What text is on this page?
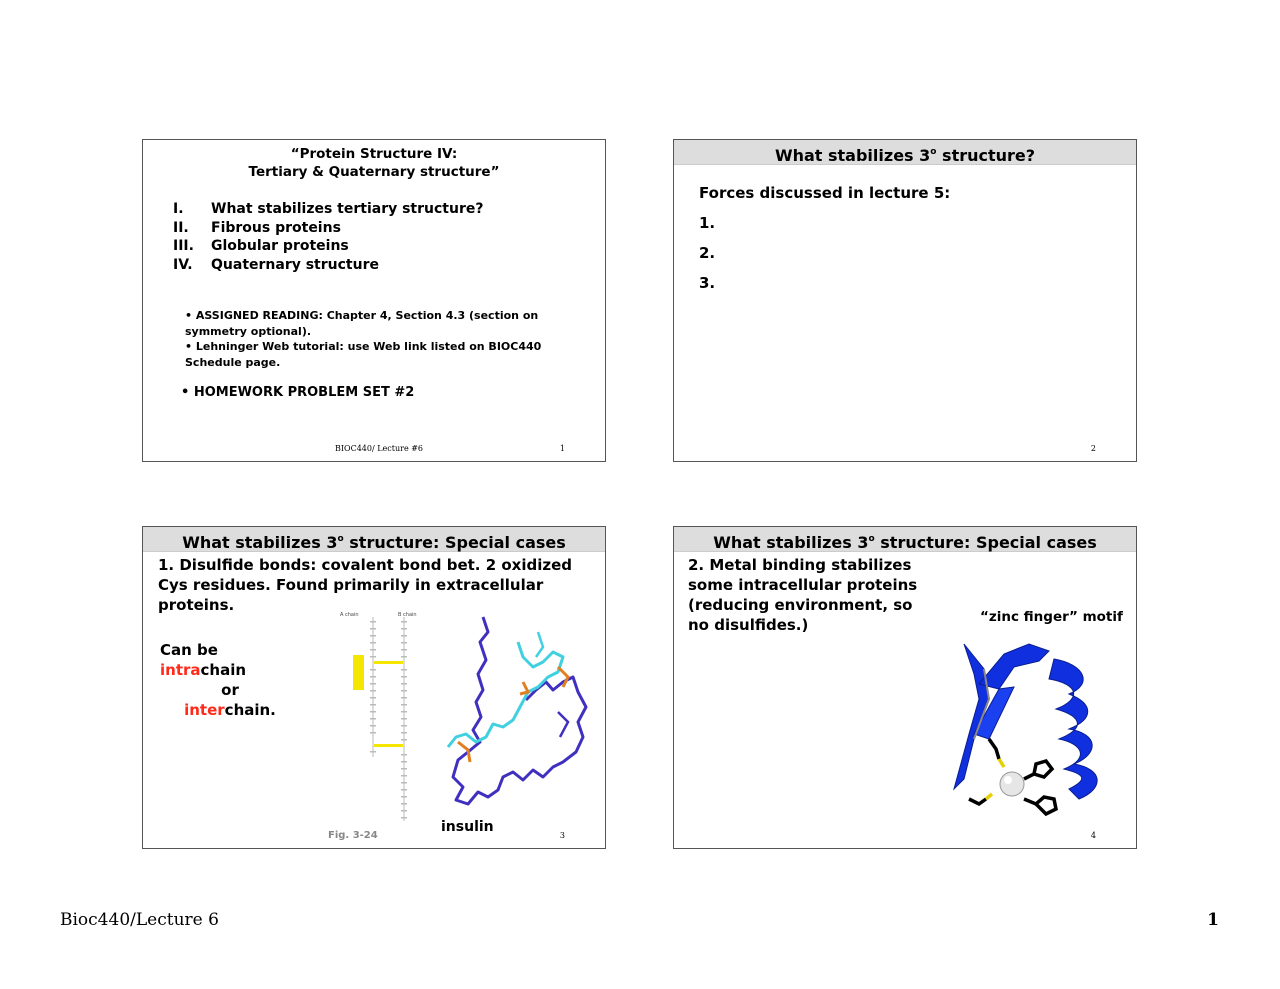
“Protein Structure IV:
Tertiary & Quaternary structure”
I.	What stabilizes tertiary structure?
II.	Fibrous proteins
III.	Globular proteins
IV.	Quaternary structure
• ASSIGNED READING: Chapter 4, Section 4.3 (section on symmetry optional).
• Lehninger Web tutorial: use Web link listed on BIOC440 Schedule page.
• HOMEWORK PROBLEM SET #2
BIOC440/ Lecture #6	1
What stabilizes 3$^o$ structure?
Forces discussed in lecture 5:
1.
2.
3.
2
What stabilizes 3$^o$ structure: Special cases
1. Disulfide bonds: covalent bond bet. 2 oxidized Cys residues. Found primarily in extracellular proteins.
Can be intrachain
or
interchain.
A chain	B chain
Fig. 3-24
insulin
3
What stabilizes 3$^o$ structure: Special cases
2. Metal binding stabilizes some intracellular proteins (reducing environment, so no disulfides.)	“zinc finger” motif
4
Bioc440/Lecture 6	1
